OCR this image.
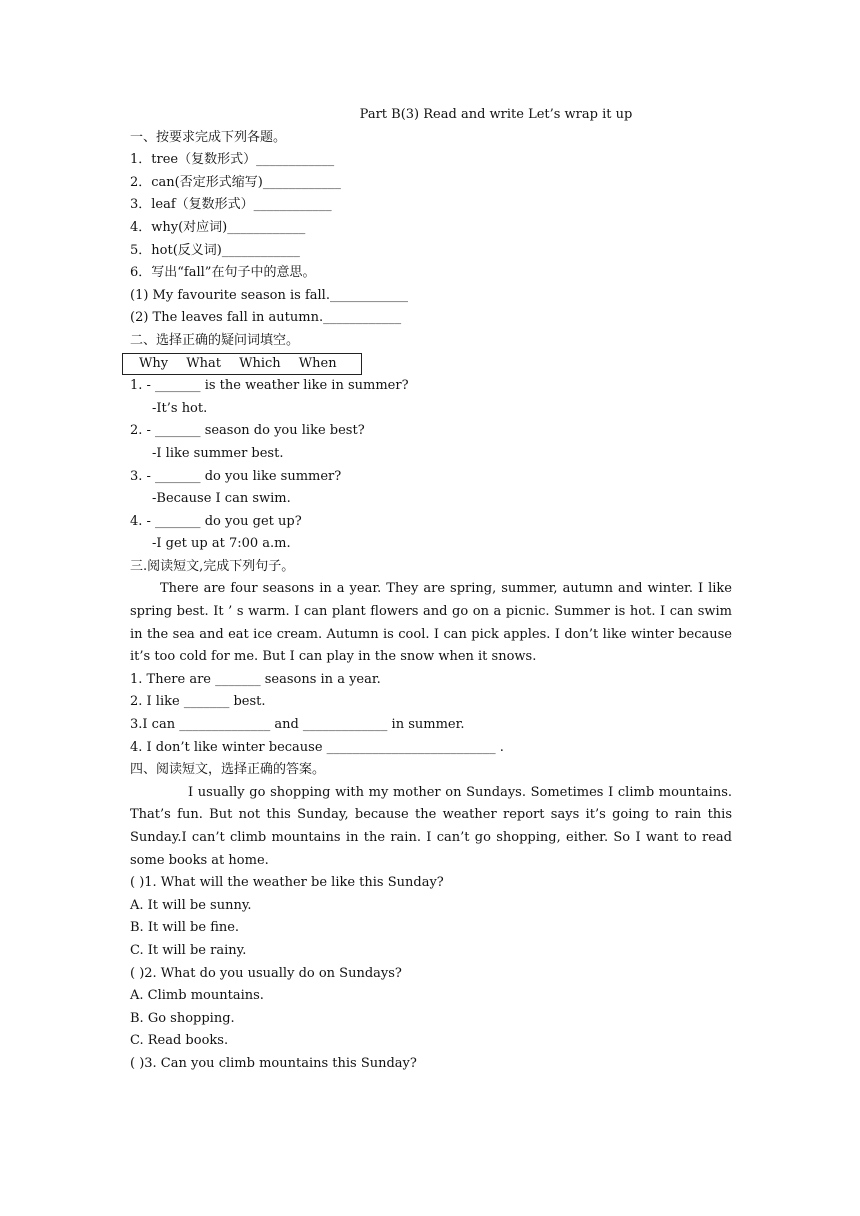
Part B(3) Read and write Let’s wrap it up
一、按要求完成下列各题。
1．tree（复数形式）____________
2．can(否定形式缩写)____________
3．leaf（复数形式）____________
4．why(对应词)____________
5．hot(反义词)____________
6．写出“fall”在句子中的意思。
(1) My favourite season is fall.____________
(2) The leaves fall in autumn.____________
二、选择正确的疑问词填空。
Why What Which When
1. - _______ is the weather like in summer?
-It’s hot.
2. - _______ season do you like best?
-I like summer best.
3. - _______ do you like summer?
-Because I can swim.
4. - _______ do you get up?
-I get up at 7:00 a.m.
三.阅读短文,完成下列句子。
There are four seasons in a year. They are spring, summer, autumn and winter. I like spring best. It ’ s warm. I can plant flowers and go on a picnic. Summer is hot. I can swim in the sea and eat ice cream. Autumn is cool. I can pick apples. I don’t like winter because it’s too cold for me. But I can play in the snow when it snows.
1. There are _______ seasons in a year.
2. I like _______ best.
3.I can ______________ and _____________ in summer.
4. I don’t like winter because __________________________ .
四、阅读短文，选择正确的答案。
I usually go shopping with my mother on Sundays. Sometimes I climb mountains. That’s fun. But not this Sunday, because the weather report says it’s going to rain this Sunday.I can’t climb mountains in the rain. I can’t go shopping, either. So I want to read some books at home.
( )1. What will the weather be like this Sunday?
A. It will be sunny.
B. It will be fine.
C. It will be rainy.
( )2. What do you usually do on Sundays?
A. Climb mountains.
B. Go shopping.
C. Read books.
( )3. Can you climb mountains this Sunday?
